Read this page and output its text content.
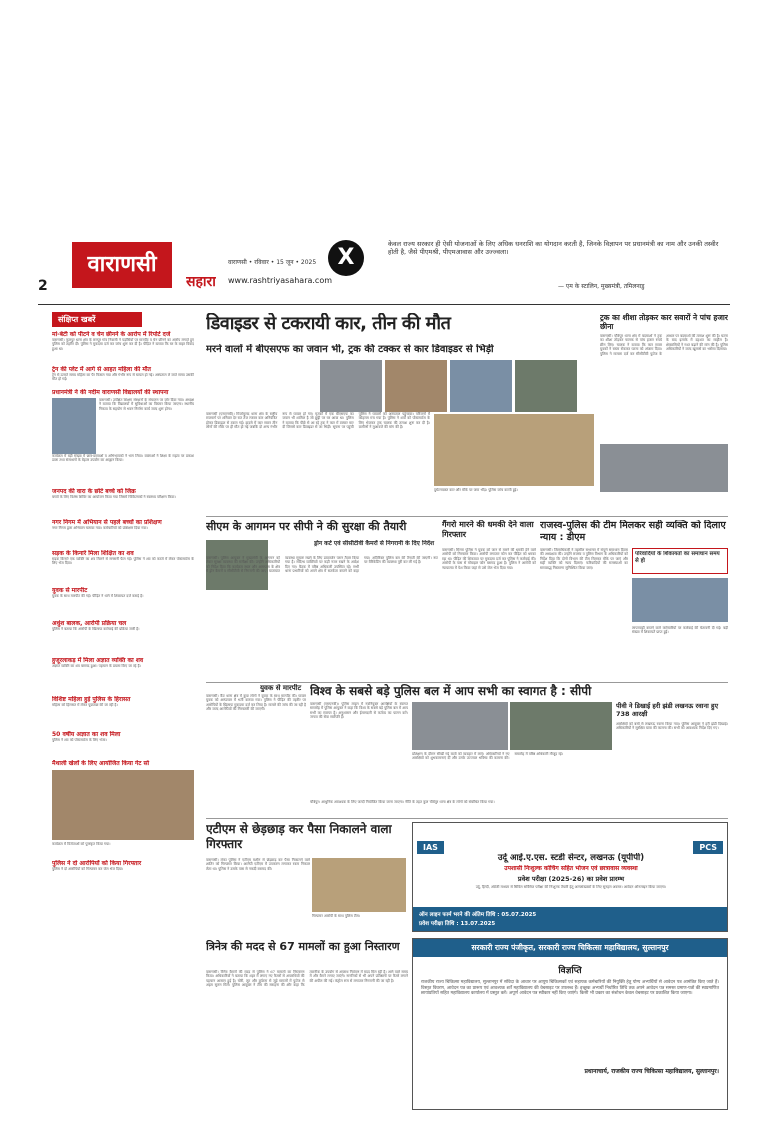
2
वाराणसी	वाराणसी • रविवार • 15 जून • 2025
सहारा www.rashtriyasahara.com
X
केवल राज्य सरकार ही ऐसी योजनाओं के लिए अधिक धनराशि का योगदान करती है, जिनके विज्ञापन पर प्रधानमंत्री का नाम और उनकी तस्वीर होती है, जैसे पीएमश्री, पीएमआवास और उज्ज्वला।
— एम के स्टालिन, मुख्यमंत्री, तमिलनाडु
संक्षिप्त खबरें
मां-बेटी को पीटने व चेन छीनने के आरोप में रिपोर्ट दर्ज
वाराणसी। फूलपुर थाना क्षेत्र के रामपुर गांव निवासी ने पड़ोसियों पर मारपीट व चेन छीनने का आरोप लगाते हुए पुलिस को तहरीर दी। पुलिस ने मुकदमा दर्ज कर जांच शुरू कर दी है। पीड़ित ने बताया कि घर के बाहर विवाद हुआ था।
ट्रेन की प्लेट में आगे से आहत महिला की मौत
ट्रेन से उतरते समय महिला का पैर फिसल गया और गंभीर रूप से घायल हो गई। अस्पताल ले जाते समय उसकी मौत हो गई।
प्रधानमंत्री ने की नदीम वाराणसी विद्यालयों की स्थापना
वाराणसी। उपेक्षित शिक्षण संस्थानों के संचालन पर जोर दिया गया। अध्यक्ष ने बताया कि विद्यालयों में सुविधाओं का विस्तार किया जाएगा। स्थानीय निकाय के सहयोग से भवन निर्माण कार्य जल्द शुरू होगा।
कार्यक्रम में बड़ी संख्या में छात्र-छात्राओं व अभिभावकों ने भाग लिया। वक्ताओं ने शिक्षा के महत्व पर प्रकाश डाला तथा संसाधनों के बेहतर उपयोग का आह्वान किया।
जनपद की वारा के छोटे बच्चे को जिक्र
बच्चों के लिए विशेष शिविर का आयोजन किया गया जिसमें चिकित्सकों ने स्वास्थ्य परीक्षण किया।
नगर निगम में अभियान से पहले बच्चों का प्रशिक्षण
नगर निगम द्वारा अभियान चलाया गया। कर्मचारियों को प्रशिक्षण दिया गया।
सड़क के किनारे मिला शिक्षित का शव
सड़क किनारे एक व्यक्ति का शव मिलने से सनसनी फैल गई। पुलिस ने शव को कब्जे में लेकर पोस्टमार्टम के लिए भेज दिया।
युवक से मारपीट
युवक के साथ मारपीट की गई। पीड़ित ने थाने में शिकायत दर्ज कराई है।
अधुंश बालक, आरोपी प्रक्रिया चल
पुलिस ने बताया कि आरोपी के खिलाफ कार्रवाई की प्रक्रिया जारी है।
हुजूरलाकड़ में मिला अज्ञात व्यक्ति का शव
अज्ञात व्यक्ति का शव बरामद हुआ। पहचान के प्रयास किए जा रहे हैं।
विशिष्ट महिला हुई पुलिस के हिरासत
महिला को हिरासत में लेकर पूछताछ की जा रही है।
50 वर्षीय अज्ञात का शव मिला
पुलिस ने शव को पोस्टमार्टम के लिए भेजा।
मैथाली खेलों के लिए आयोजित किया गेट सो
कार्यक्रम में विजेताओं को पुरस्कृत किया गया।
पुलिस ने दो आरोपियों को किया गिरफ्तार
पुलिस ने दो आरोपियों को गिरफ्तार कर जेल भेज दिया।
डिवाइडर से टकरायी कार, तीन की मौत
मरने वालों में बीएसएफ का जवान भी, ट्रक की टक्कर से कार डिवाइडर से भिड़ी
वाराणसी (एसएनबी)। मिर्जामुराद थाना क्षेत्र के राष्ट्रीय राजमार्ग पर शनिवार देर रात तेज रफ्तार कार अनियंत्रित होकर डिवाइडर से टकरा गई। हादसे में कार सवार तीन लोगों की मौके पर ही मौत हो गई जबकि दो अन्य गंभीर रूप से घायल हो गए। मृतकों में एक बीएसएफ का जवान भी शामिल है जो छुट्टी पर घर आया था। पुलिस ने बताया कि पीछे से आ रहे ट्रक ने कार में टक्कर मार दी जिससे कार डिवाइडर से जा भिड़ी। सूचना पर पहुंची पुलिस ने घायलों को अस्पताल पहुंचाया। परिजनों में कोहराम मच गया है। पुलिस ने शवों को पोस्टमार्टम के लिए भेजकर ट्रक चालक की तलाश शुरू कर दी है। ग्रामीणों ने मुआवजे की मांग की है।
दुर्घटनाग्रस्त कार और मौके पर जमा भीड़। पुलिस जांच करती हुई।
ट्रक का शीशा तोड़कर कार सवारों ने पांच हजार छीना
वाराणसी। चौबेपुर थाना क्षेत्र में बदमाशों ने ट्रक का शीशा तोड़कर चालक से पांच हजार रुपये छीन लिए। चालक ने बताया कि कार सवार युवकों ने रास्ता रोककर घटना को अंजाम दिया। पुलिस ने मामला दर्ज कर सीसीटीवी फुटेज के आधार पर बदमाशों की तलाश शुरू की है। घटना के बाद इलाके में दहशत का माहौल है। क्षेत्रवासियों ने गश्त बढ़ाने की मांग की है। पुलिस अधिकारियों ने जल्द खुलासे का भरोसा दिलाया।
सीएम के आगमन पर सीपी ने की सुरक्षा की तैयारी
ड्रोन कर्ट एवं सीसीटीवी कैमरों से निगरानी के दिए निर्देश
वाराणसी। पुलिस आयुक्त ने मुख्यमंत्री के आगमन को लेकर सुरक्षा व्यवस्था की समीक्षा की। उन्होंने अधिकारियों को निर्देश दिया कि कार्यक्रम स्थल और आसपास के क्षेत्र में ड्रोन कैमरों व सीसीटीवी से निगरानी की जाए। यातायात व्यवस्था सुचारु रखने के लिए डायवर्जन प्लान तैयार किया गया है। संदिग्ध व्यक्तियों पर कड़ी नजर रखने के आदेश दिए गए। बैठक में वरिष्ठ अधिकारी उपस्थित रहे। सभी थाना प्रभारियों को अपने क्षेत्र में सतर्कता बरतने को कहा गया। अतिरिक्त पुलिस बल की तैनाती की जाएगी। रूट पर बैरिकेडिंग की व्यवस्था पूरी कर ली गई है।
गैंगरो मारने की धमकी देने वाला गिरफ्तार
वाराणसी। सिगरा पुलिस ने युवक को जान से मारने की धमकी देने वाले आरोपी को गिरफ्तार किया। आरोपी लगातार फोन कर पीड़ित को धमका रहा था। पीड़ित की शिकायत पर मुकदमा दर्ज कर पुलिस ने कार्रवाई की। आरोपी के पास से मोबाइल फोन बरामद हुआ है। पुलिस ने आरोपी को न्यायालय में पेश किया जहां से उसे जेल भेज दिया गया।
राजस्व-पुलिस की टीम मिलकर सही व्यक्ति को दिलाए न्याय : डीएम
वाराणसी। जिलाधिकारी ने तहसील सभागार में संपूर्ण समाधान दिवस की अध्यक्षता की। उन्होंने राजस्व व पुलिस विभाग के अधिकारियों को निर्देश दिया कि दोनों विभाग की टीम मिलकर मौके पर जाएं और सही व्यक्ति को न्याय दिलाएं। फरियादियों की समस्याओं का समयबद्ध निस्तारण सुनिश्चित किया जाए।
परिवादियों के शिकायतों का समाधान समय से हो
लापरवाही बरतने वाले कर्मचारियों पर कार्रवाई की चेतावनी दी गई। बड़ी संख्या में शिकायतें प्राप्त हुईं।
युवक से मारपीट
वाराणसी। कैंट थाना क्षेत्र में कुछ लोगों ने युवक के साथ मारपीट की। घायल युवक को अस्पताल में भर्ती कराया गया। पुलिस ने पीड़ित की तहरीर पर आरोपियों के खिलाफ मुकदमा दर्ज कर लिया है। मामले की जांच की जा रही है और जल्द आरोपियों की गिरफ्तारी की जाएगी।
विश्व के सबसे बड़े पुलिस बल में आप सभी का स्वागत है : सीपी
वाराणसी (एसएनबी)। पुलिस लाइन में नवनियुक्त आरक्षियों के स्वागत समारोह में पुलिस आयुक्त ने कहा कि विश्व के सबसे बड़े पुलिस बल में आप सभी का स्वागत है। अनुशासन और ईमानदारी से कर्तव्य का पालन करें। जनता की सेवा सर्वोपरि है।
प्रशिक्षण के दौरान सीखी गई बातों को व्यवहार में लाएं। अधिकारियों ने नए आरक्षियों को शुभकामनाएं दीं और उनके उज्ज्वल भविष्य की कामना की। समारोह में वरिष्ठ अधिकारी मौजूद रहे।
पीवी ने डिखाई हरी झंडी लखनऊ रवाना हुए 738 आरक्षी
आरक्षियों को बसों से लखनऊ रवाना किया गया। पुलिस आयुक्त ने हरी झंडी दिखाई। अधिकारियों ने सुरक्षित यात्रा की कामना की। सभी को आवश्यक निर्देश दिए गए।
चौबेपुर। आधुनिक आवश्यक के लिए जल्दी नियोजित किया जाना जाएगा। नीति के तहत कुल चौबेपुर थाना क्षेत्र के लोगों को संबोधित किया गया।
एटीएम से छेड़छाड़ कर पैसा निकालने वाला गिरफ्तार
वाराणसी। लंका पुलिस ने एटीएम मशीन से छेड़छाड़ कर पैसा निकालने वाले शातिर को गिरफ्तार किया। आरोपी एटीएम में उपकरण लगाकर रकम निकाल लेता था। पुलिस ने उसके पास से नकदी बरामद की।
गिरफ्तार आरोपी के साथ पुलिस टीम।
त्रिनेत्र की मदद से 67 मामलों का हुआ निस्तारण
वाराणसी। त्रिनेत्र कैमरों की मदद से पुलिस ने 67 मामलों का निस्तारण किया। अधिकारियों ने बताया कि शहर में लगाए गए कैमरों से अपराधियों की पहचान आसान हुई है। चोरी, लूट और दुर्घटना से जुड़े मामलों में फुटेज से अहम सुराग मिले। पुलिस आयुक्त ने टीम की सराहना की और कहा कि तकनीक के उपयोग से अपराध नियंत्रण में मदद मिल रही है। आने वाले समय में और कैमरे लगाए जाएंगे। नागरिकों से भी अपने प्रतिष्ठानों पर कैमरे लगाने की अपील की गई। कंट्रोल रूम से लगातार निगरानी की जा रही है।
IAS	PCS
उर्दू आई.ए.एस. स्टडी सेन्टर, लखनऊ (यूपीपी)
उपशासी निःशुल्क कोचिंग सहित भोजन एवं छात्रावास व्यवस्था
प्रवेश परीक्षा (2025-26) का प्रवेश प्रारम्भ
उर्दू, हिन्दी, अंग्रेजी माध्यम से सिविल सर्विसेज परीक्षा की निःशुल्क तैयारी हेतु अल्पसंख्यकों के लिए सुनहरा अवसर। आवेदन ऑनलाइन किया जाएगा।
ऑन लाइन फार्म भरने की अंतिम तिथि : 05.07.2025
प्रवेश परीक्षा तिथि : 13.07.2025
सरकारी राज्य पंजीकृत, सरकारी राज्य चिकित्सा महाविद्यालय, सुल्तानपुर
विज्ञप्ति
राजकीय राज्य चिकित्सा महाविद्यालय, सुल्तानपुर में संविदा के आधार पर आयुष चिकित्सकों एवं सहायक कर्मचारियों की नियुक्ति हेतु योग्य अभ्यर्थियों से आवेदन पत्र आमंत्रित किए जाते हैं। विस्तृत विवरण, आवेदन पत्र का प्रारूप एवं आवश्यक शर्तें महाविद्यालय की वेबसाइट पर उपलब्ध हैं। इच्छुक अभ्यर्थी निर्धारित तिथि तक अपने आवेदन पत्र समस्त प्रमाण-पत्रों की स्वप्रमाणित छायाप्रतियों सहित महाविद्यालय कार्यालय में प्रस्तुत करें। अपूर्ण आवेदन पत्र स्वीकार नहीं किए जाएंगे। किसी भी प्रकार का संशोधन केवल वेबसाइट पर प्रकाशित किया जाएगा।
प्रधानाचार्य, राजकीय राज्य चिकित्सा महाविद्यालय, सुल्तानपुर।
